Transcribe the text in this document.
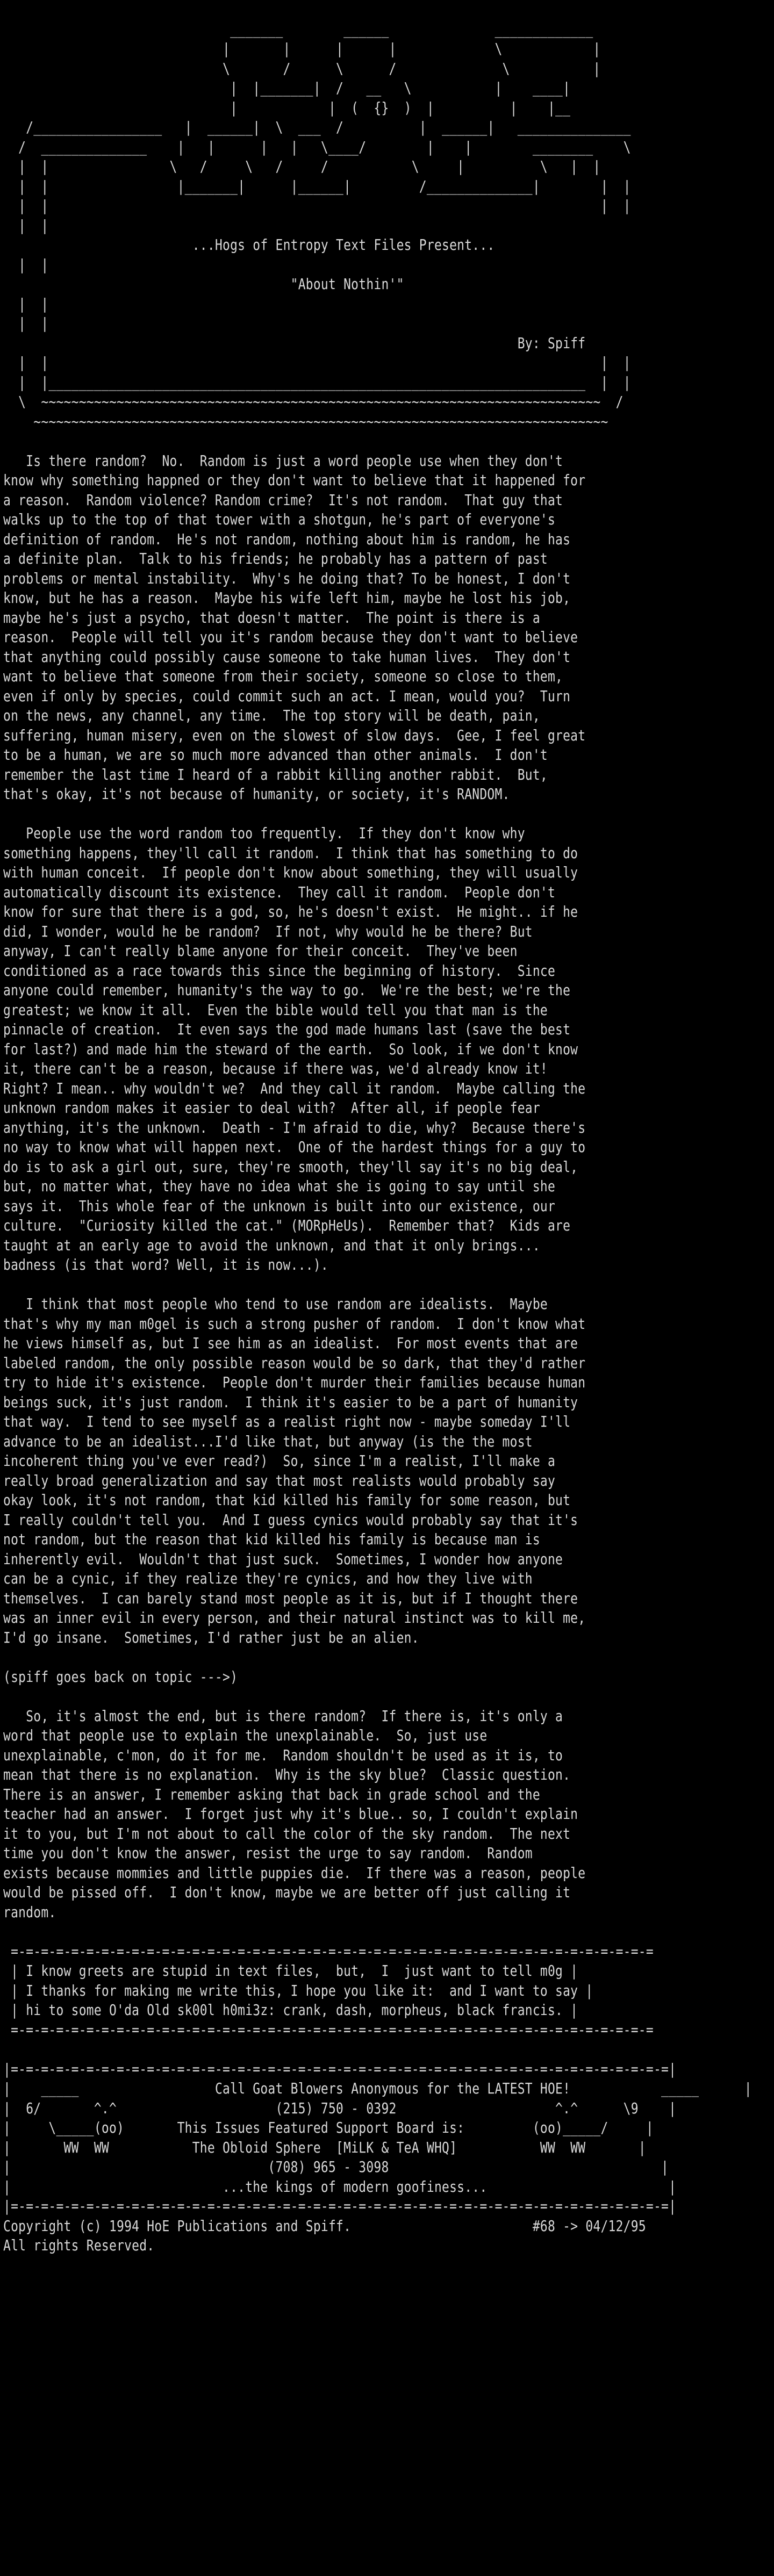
_______        ______              _____________
|       |      |      |             \            |
\       /      \      /              \           |
|  |_______|  /   __   \           |    ____|
|            |  (  {}  )  |          |    |__
/_________________   |  ______|  \  ___  /          |  ______|   _______________
/  ______________    |   |      |   |   \____/        |    |        ________    \
|  |                \   /     \   /     /           \     |          \   |  |
|  |                 |_______|      |______|         /______________|        |  |
|  |                                                                         |  |
|  |
...Hogs of Entropy Text Files Present...
|  |
"About Nothin'"
|  |
|  |
By: Spiff
|  |                                                                         |  |
|  |_______________________________________________________________________  |  |
\  ~~~~~~~~~~~~~~~~~~~~~~~~~~~~~~~~~~~~~~~~~~~~~~~~~~~~~~~~~~~~~~~~~~~~~~~~~~  /
~~~~~~~~~~~~~~~~~~~~~~~~~~~~~~~~~~~~~~~~~~~~~~~~~~~~~~~~~~~~~~~~~~~~~~~~~~~~

Is there random?  No.  Random is just a word people use when they don't
know why something happned or they don't want to believe that it happened for
a reason.  Random violence? Random crime?  It's not random.  That guy that
walks up to the top of that tower with a shotgun, he's part of everyone's
definition of random.  He's not random, nothing about him is random, he has
a definite plan.  Talk to his friends; he probably has a pattern of past
problems or mental instability.  Why's he doing that? To be honest, I don't
know, but he has a reason.  Maybe his wife left him, maybe he lost his job,
maybe he's just a psycho, that doesn't matter.  The point is there is a
reason.  People will tell you it's random because they don't want to believe
that anything could possibly cause someone to take human lives.  They don't
want to believe that someone from their society, someone so close to them,
even if only by species, could commit such an act. I mean, would you?  Turn
on the news, any channel, any time.  The top story will be death, pain,
suffering, human misery, even on the slowest of slow days.  Gee, I feel great
to be a human, we are so much more advanced than other animals.  I don't
remember the last time I heard of a rabbit killing another rabbit.  But,
that's okay, it's not because of humanity, or society, it's RANDOM.

People use the word random too frequently.  If they don't know why
something happens, they'll call it random.  I think that has something to do
with human conceit.  If people don't know about something, they will usually
automatically discount its existence.  They call it random.  People don't
know for sure that there is a god, so, he's doesn't exist.  He might.. if he
did, I wonder, would he be random?  If not, why would he be there? But
anyway, I can't really blame anyone for their conceit.  They've been
conditioned as a race towards this since the beginning of history.  Since
anyone could remember, humanity's the way to go.  We're the best; we're the
greatest; we know it all.  Even the bible would tell you that man is the
pinnacle of creation.  It even says the god made humans last (save the best
for last?) and made him the steward of the earth.  So look, if we don't know
it, there can't be a reason, because if there was, we'd already know it!
Right? I mean.. why wouldn't we?  And they call it random.  Maybe calling the
unknown random makes it easier to deal with?  After all, if people fear
anything, it's the unknown.  Death - I'm afraid to die, why?  Because there's
no way to know what will happen next.  One of the hardest things for a guy to
do is to ask a girl out, sure, they're smooth, they'll say it's no big deal,
but, no matter what, they have no idea what she is going to say until she
says it.  This whole fear of the unknown is built into our existence, our
culture.  "Curiosity killed the cat." (MORpHeUs).  Remember that?  Kids are
taught at an early age to avoid the unknown, and that it only brings...
badness (is that word? Well, it is now...).

I think that most people who tend to use random are idealists.  Maybe
that's why my man m0gel is such a strong pusher of random.  I don't know what
he views himself as, but I see him as an idealist.  For most events that are
labeled random, the only possible reason would be so dark, that they'd rather
try to hide it's existence.  People don't murder their families because human
beings suck, it's just random.  I think it's easier to be a part of humanity
that way.  I tend to see myself as a realist right now - maybe someday I'll
advance to be an idealist...I'd like that, but anyway (is the the most
incoherent thing you've ever read?)  So, since I'm a realist, I'll make a
really broad generalization and say that most realists would probably say
okay look, it's not random, that kid killed his family for some reason, but
I really couldn't tell you.  And I guess cynics would probably say that it's
not random, but the reason that kid killed his family is because man is
inherently evil.  Wouldn't that just suck.  Sometimes, I wonder how anyone
can be a cynic, if they realize they're cynics, and how they live with
themselves.  I can barely stand most people as it is, but if I thought there
was an inner evil in every person, and their natural instinct was to kill me,
I'd go insane.  Sometimes, I'd rather just be an alien.

(spiff goes back on topic --->)

So, it's almost the end, but is there random?  If there is, it's only a
word that people use to explain the unexplainable.  So, just use
unexplainable, c'mon, do it for me.  Random shouldn't be used as it is, to
mean that there is no explanation.  Why is the sky blue?  Classic question.
There is an answer, I remember asking that back in grade school and the
teacher had an answer.  I forget just why it's blue.. so, I couldn't explain
it to you, but I'm not about to call the color of the sky random.  The next
time you don't know the answer, resist the urge to say random.  Random
exists because mommies and little puppies die.  If there was a reason, people
would be pissed off.  I don't know, maybe we are better off just calling it
random.

=-=-=-=-=-=-=-=-=-=-=-=-=-=-=-=-=-=-=-=-=-=-=-=-=-=-=-=-=-=-=-=-=-=-=-=-=-=-=-=-=-=-=
| I know greets are stupid in text files,  but,  I  just want to tell m0g |
| I thanks for making me write this, I hope you like it:  and I want to say |
| hi to some O'da Old sk00l h0mi3z: crank, dash, morpheus, black francis. |
=-=-=-=-=-=-=-=-=-=-=-=-=-=-=-=-=-=-=-=-=-=-=-=-=-=-=-=-=-=-=-=-=-=-=-=-=-=-=-=-=-=-=

|=-=-=-=-=-=-=-=-=-=-=-=-=-=-=-=-=-=-=-=-=-=-=-=-=-=-=-=-=-=-=-=-=-=-=-=-=-=-=-=-=-=-=-=|
|    _____                  Call Goat Blowers Anonymous for the LATEST HOE!            _____      |
|  6/       ^.^                     (215) 750 - 0392                     ^.^      \9    |
|     \_____(oo)       This Issues Featured Support Board is:         (oo)_____/     |
|       WW  WW           The Obloid Sphere  [MiLK & TeA WHQ]           WW  WW       |
|                                  (708) 965 - 3098                                    |
|                            ...the kings of modern goofiness...                        |
|=-=-=-=-=-=-=-=-=-=-=-=-=-=-=-=-=-=-=-=-=-=-=-=-=-=-=-=-=-=-=-=-=-=-=-=-=-=-=-=-=-=-=-=|
Copyright (c) 1994 HoE Publications and Spiff.	#68 -> 04/12/95
All rights Reserved.
